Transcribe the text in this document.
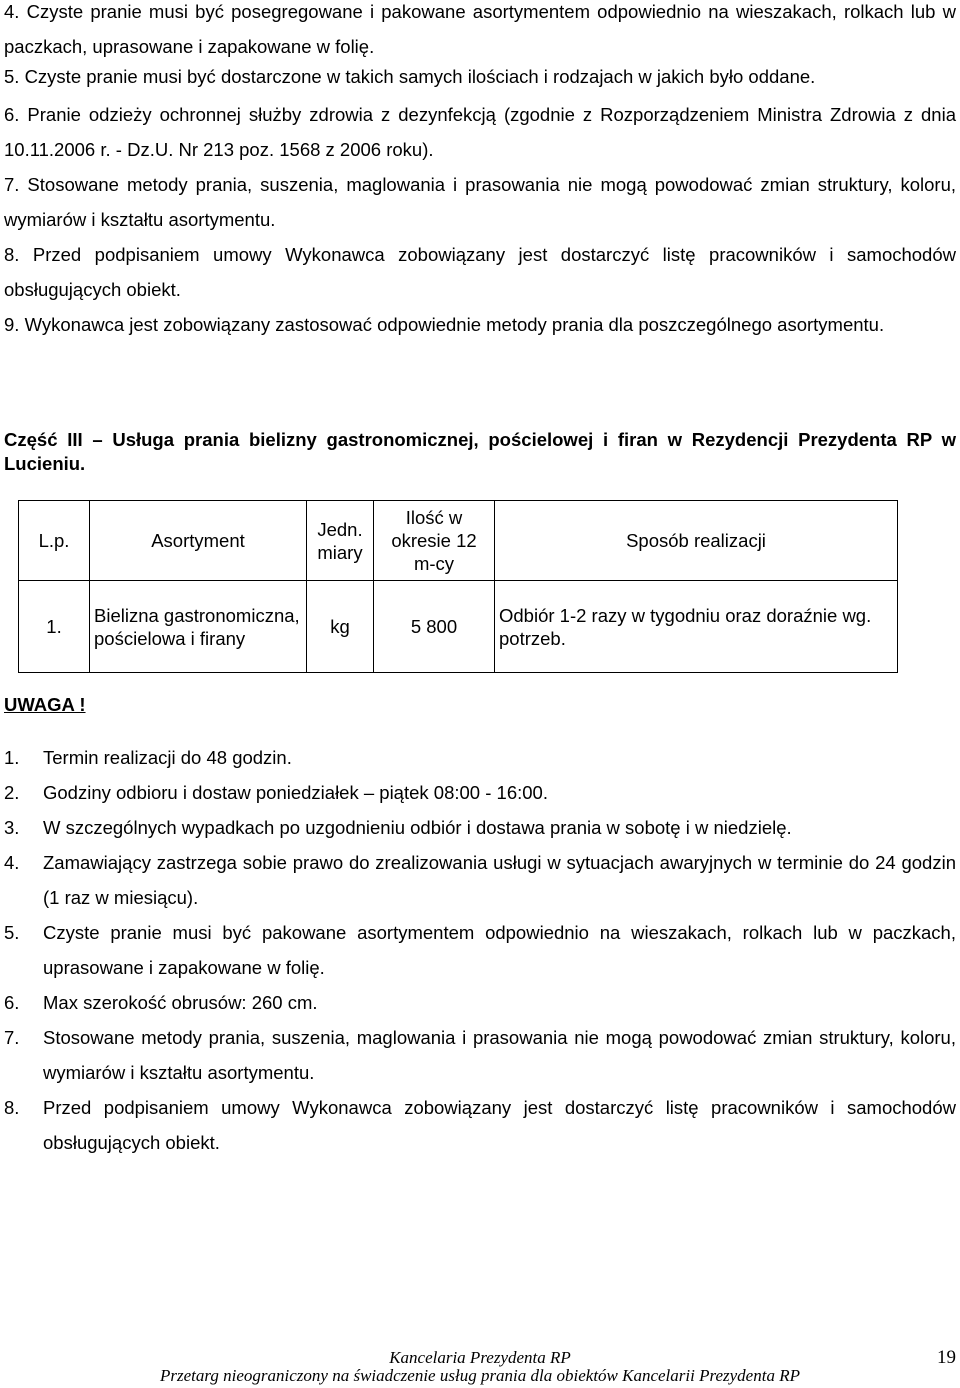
4. Czyste pranie musi być posegregowane i pakowane asortymentem odpowiednio na wieszakach, rolkach lub w paczkach, uprasowane i zapakowane w folię.

5. Czyste pranie musi być dostarczone w takich samych ilościach i rodzajach w jakich było oddane.

6. Pranie odzieży ochronnej służby zdrowia z dezynfekcją (zgodnie z Rozporządzeniem Ministra Zdrowia z dnia 10.11.2006 r. - Dz.U. Nr 213 poz. 1568 z 2006 roku).

7. Stosowane metody prania, suszenia, maglowania i prasowania nie mogą powodować zmian struktury, koloru, wymiarów i kształtu asortymentu.

8. Przed podpisaniem umowy Wykonawca zobowiązany jest dostarczyć listę pracowników i samochodów obsługujących obiekt.

9. Wykonawca jest zobowiązany zastosować odpowiednie metody prania dla poszczególnego asortymentu.

Część III – Usługa prania bielizny gastronomicznej, pościelowej i firan w Rezydencji Prezydenta RP w Lucieniu.

L.p.	Asortyment	Jedn. miary	Ilość w okresie 12 m-cy	Sposób realizacji
1.	Bielizna gastronomiczna, pościelowa i firany	kg	5 800	Odbiór 1-2 razy w tygodniu oraz doraźnie wg. potrzeb.

UWAGA !

1. Termin realizacji do 48 godzin.
2. Godziny odbioru i dostaw poniedziałek – piątek 08:00 - 16:00.
3. W szczególnych wypadkach po uzgodnieniu odbiór i dostawa prania w sobotę i w niedzielę.
4. Zamawiający zastrzega sobie prawo do zrealizowania usługi w sytuacjach awaryjnych w terminie do 24 godzin (1 raz w miesiącu).
5. Czyste pranie musi być pakowane asortymentem odpowiednio na wieszakach, rolkach lub w paczkach, uprasowane i zapakowane w folię.
6. Max szerokość obrusów: 260 cm.
7. Stosowane metody prania, suszenia, maglowania i prasowania nie mogą powodować zmian struktury, koloru, wymiarów i kształtu asortymentu.
8. Przed podpisaniem umowy Wykonawca zobowiązany jest dostarczyć listę pracowników i samochodów obsługujących obiekt.
Kancelaria Prezydenta RP
Przetarg nieograniczony na świadczenie usług prania dla obiektów Kancelarii Prezydenta RP
19
